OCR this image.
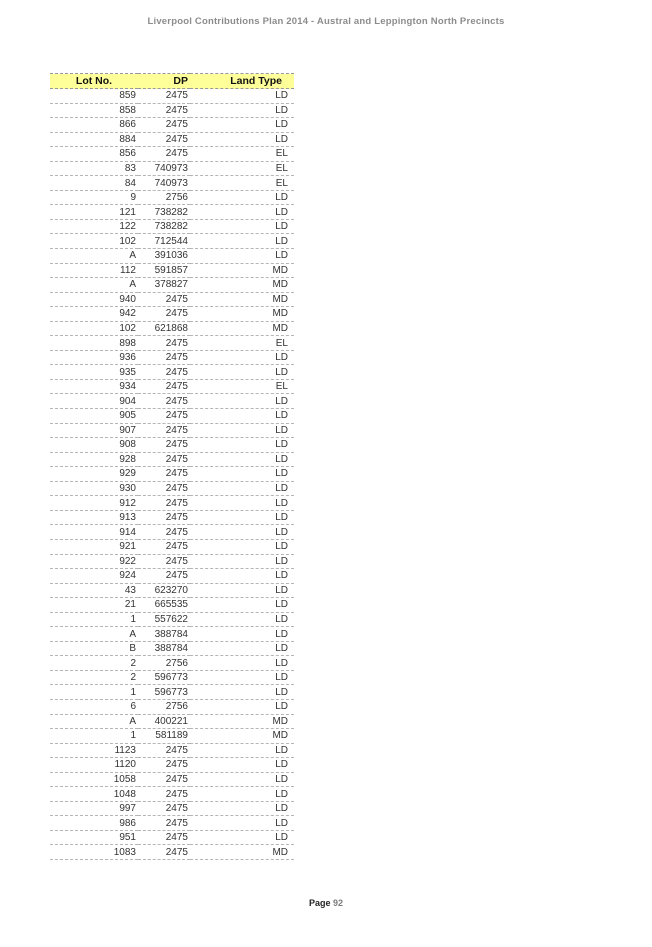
Liverpool Contributions Plan 2014 - Austral and Leppington North Precincts
Lot No.	DP	Land Type
859	2475	LD
858	2475	LD
866	2475	LD
884	2475	LD
856	2475	EL
83	740973	EL
84	740973	EL
9	2756	LD
121	738282	LD
122	738282	LD
102	712544	LD
A	391036	LD
112	591857	MD
A	378827	MD
940	2475	MD
942	2475	MD
102	621868	MD
898	2475	EL
936	2475	LD
935	2475	LD
934	2475	EL
904	2475	LD
905	2475	LD
907	2475	LD
908	2475	LD
928	2475	LD
929	2475	LD
930	2475	LD
912	2475	LD
913	2475	LD
914	2475	LD
921	2475	LD
922	2475	LD
924	2475	LD
43	623270	LD
21	665535	LD
1	557622	LD
A	388784	LD
B	388784	LD
2	2756	LD
2	596773	LD
1	596773	LD
6	2756	LD
A	400221	MD
1	581189	MD
1123	2475	LD
1120	2475	LD
1058	2475	LD
1048	2475	LD
997	2475	LD
986	2475	LD
951	2475	LD
1083	2475	MD
Page 92
